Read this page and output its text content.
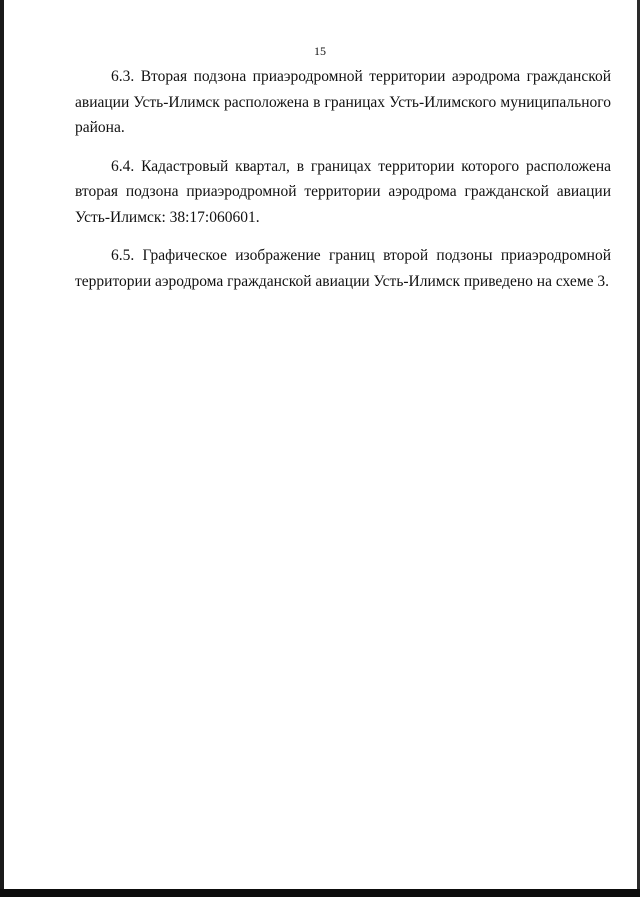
15

6.3. Вторая подзона приаэродромной территории аэродрома гражданской авиации Усть-Илимск расположена в границах Усть-Илимского муниципального района.

6.4. Кадастровый квартал, в границах территории которого расположена вторая подзона приаэродромной территории аэродрома гражданской авиации Усть-Илимск: 38:17:060601.

6.5. Графическое изображение границ второй подзоны приаэродромной территории аэродрома гражданской авиации Усть-Илимск приведено на схеме 3.
